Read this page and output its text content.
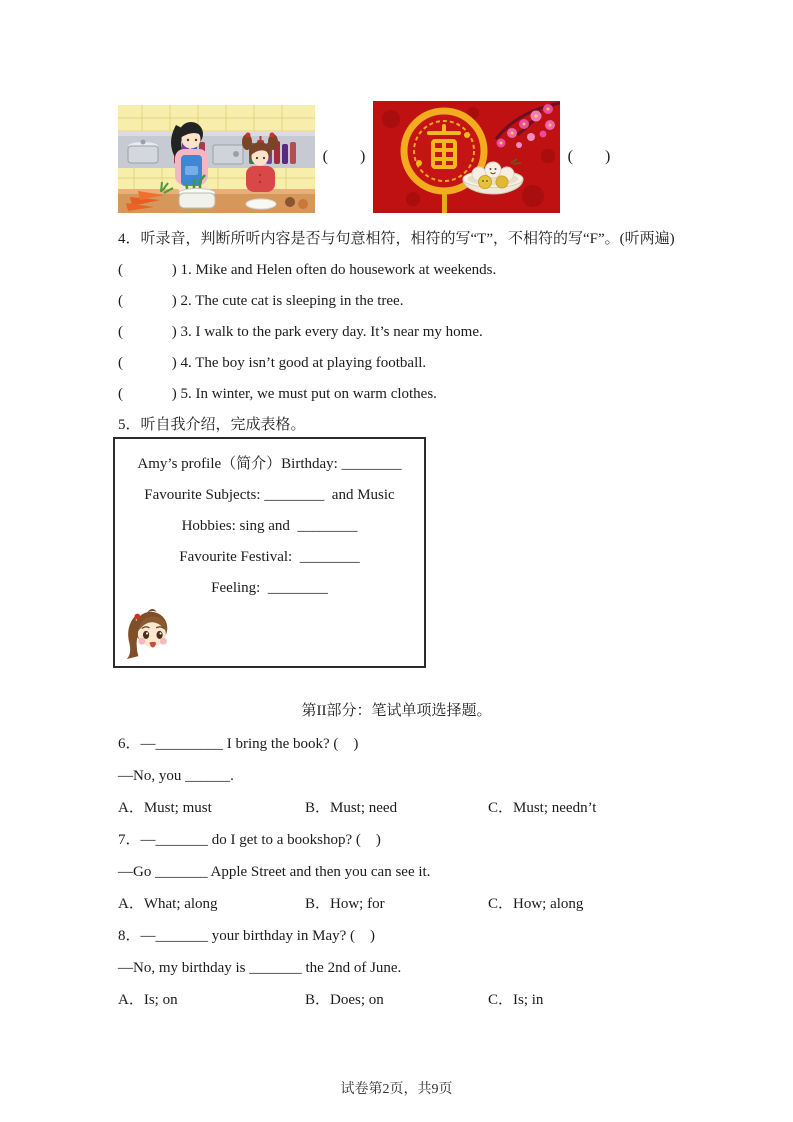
(        )	(        )
4．听录音，判断所听内容是否与句意相符，相符的写“T”，不相符的写“F”。(听两遍)
(             ) 1. Mike and Helen often do housework at weekends.
(             ) 2. The cute cat is sleeping in the tree.
(             ) 3. I walk to the park every day. It’s near my home.
(             ) 4. The boy isn’t good at playing football.
(             ) 5. In winter, we must put on warm clothes.
5．听自我介绍，完成表格。
Amy’s profile（简介）Birthday: ________
Favourite Subjects: ________  and Music
Hobbies: sing and  ________
Favourite Festival:  ________
Feeling:  ________
第II部分：笔试单项选择题。
6．—_________ I bring the book? (    )
—No, you ______.
A．Must; must	B．Must; need	C．Must; needn’t
7．—_______ do I get to a bookshop? (    )
—Go _______ Apple Street and then you can see it.
A．What; along	B．How; for	C．How; along
8．—_______ your birthday in May? (    )
—No, my birthday is _______ the 2nd of June.
A．Is; on	B．Does; on	C．Is; in
试卷第2页，共9页
